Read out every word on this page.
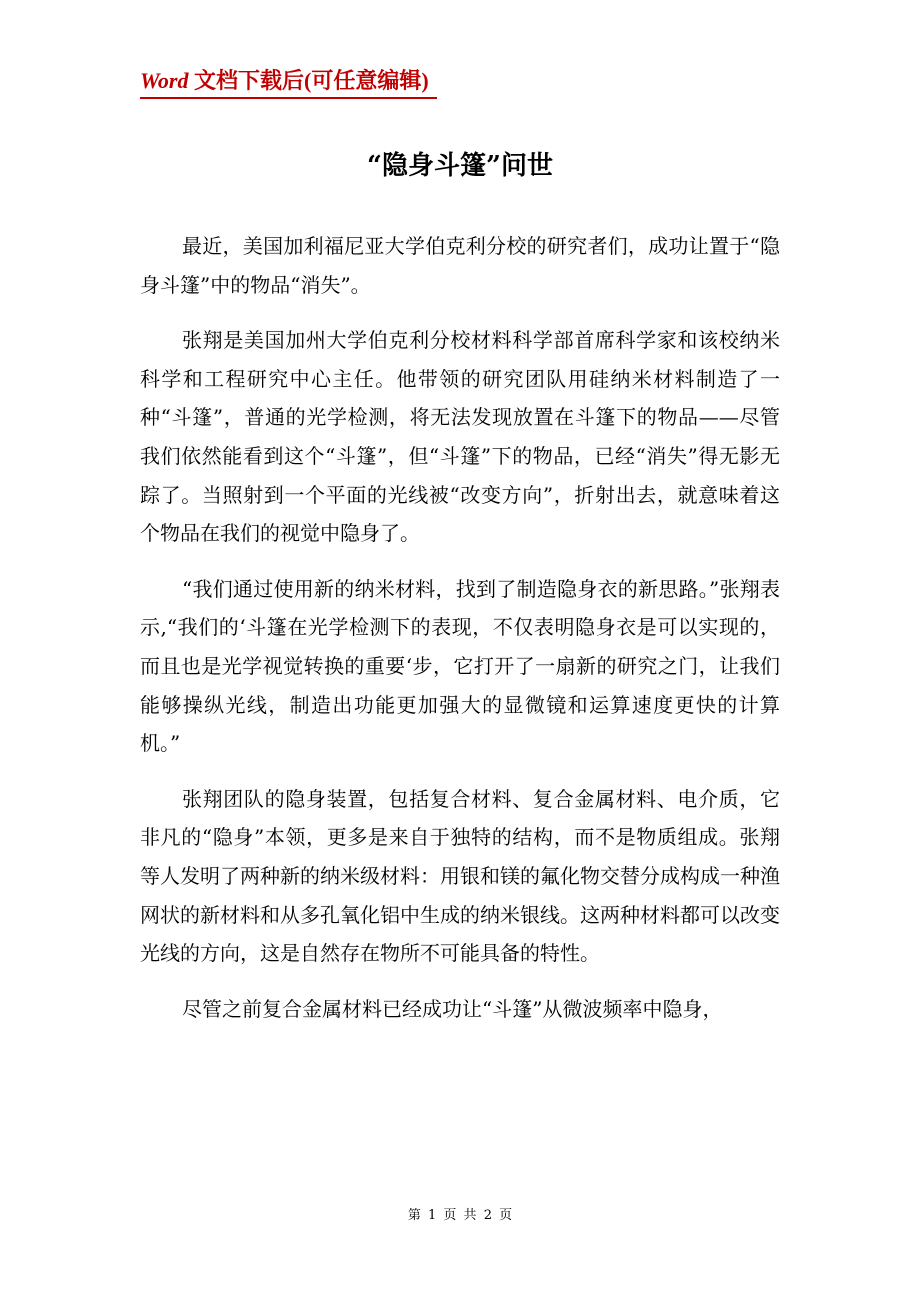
Word 文档下载后(可任意编辑)
“隐身斗篷”问世

最近，美国加利福尼亚大学伯克利分校的研究者们，成功让置于“隐身斗篷”中的物品“消失”。

张翔是美国加州大学伯克利分校材料科学部首席科学家和该校纳米科学和工程研究中心主任。他带领的研究团队用硅纳米材料制造了一种“斗篷”，普通的光学检测，将无法发现放置在斗篷下的物品——尽管我们依然能看到这个“斗篷”，但“斗篷”下的物品，已经“消失”得无影无踪了。当照射到一个平面的光线被“改变方向”，折射出去，就意味着这个物品在我们的视觉中隐身了。

“我们通过使用新的纳米材料，找到了制造隐身衣的新思路。”张翔表示,“我们的‘斗篷在光学检测下的表现，不仅表明隐身衣是可以实现的，而且也是光学视觉转换的重要‘步，它打开了一扇新的研究之门，让我们能够操纵光线，制造出功能更加强大的显微镜和运算速度更快的计算机。”

张翔团队的隐身装置，包括复合材料、复合金属材料、电介质，它非凡的“隐身”本领，更多是来自于独特的结构，而不是物质组成。张翔等人发明了两种新的纳米级材料：用银和镁的氟化物交替分成构成一种渔网状的新材料和从多孔氧化铝中生成的纳米银线。这两种材料都可以改变光线的方向，这是自然存在物所不可能具备的特性。

尽管之前复合金属材料已经成功让“斗篷”从微波频率中隐身，

第 1 页 共 2 页
